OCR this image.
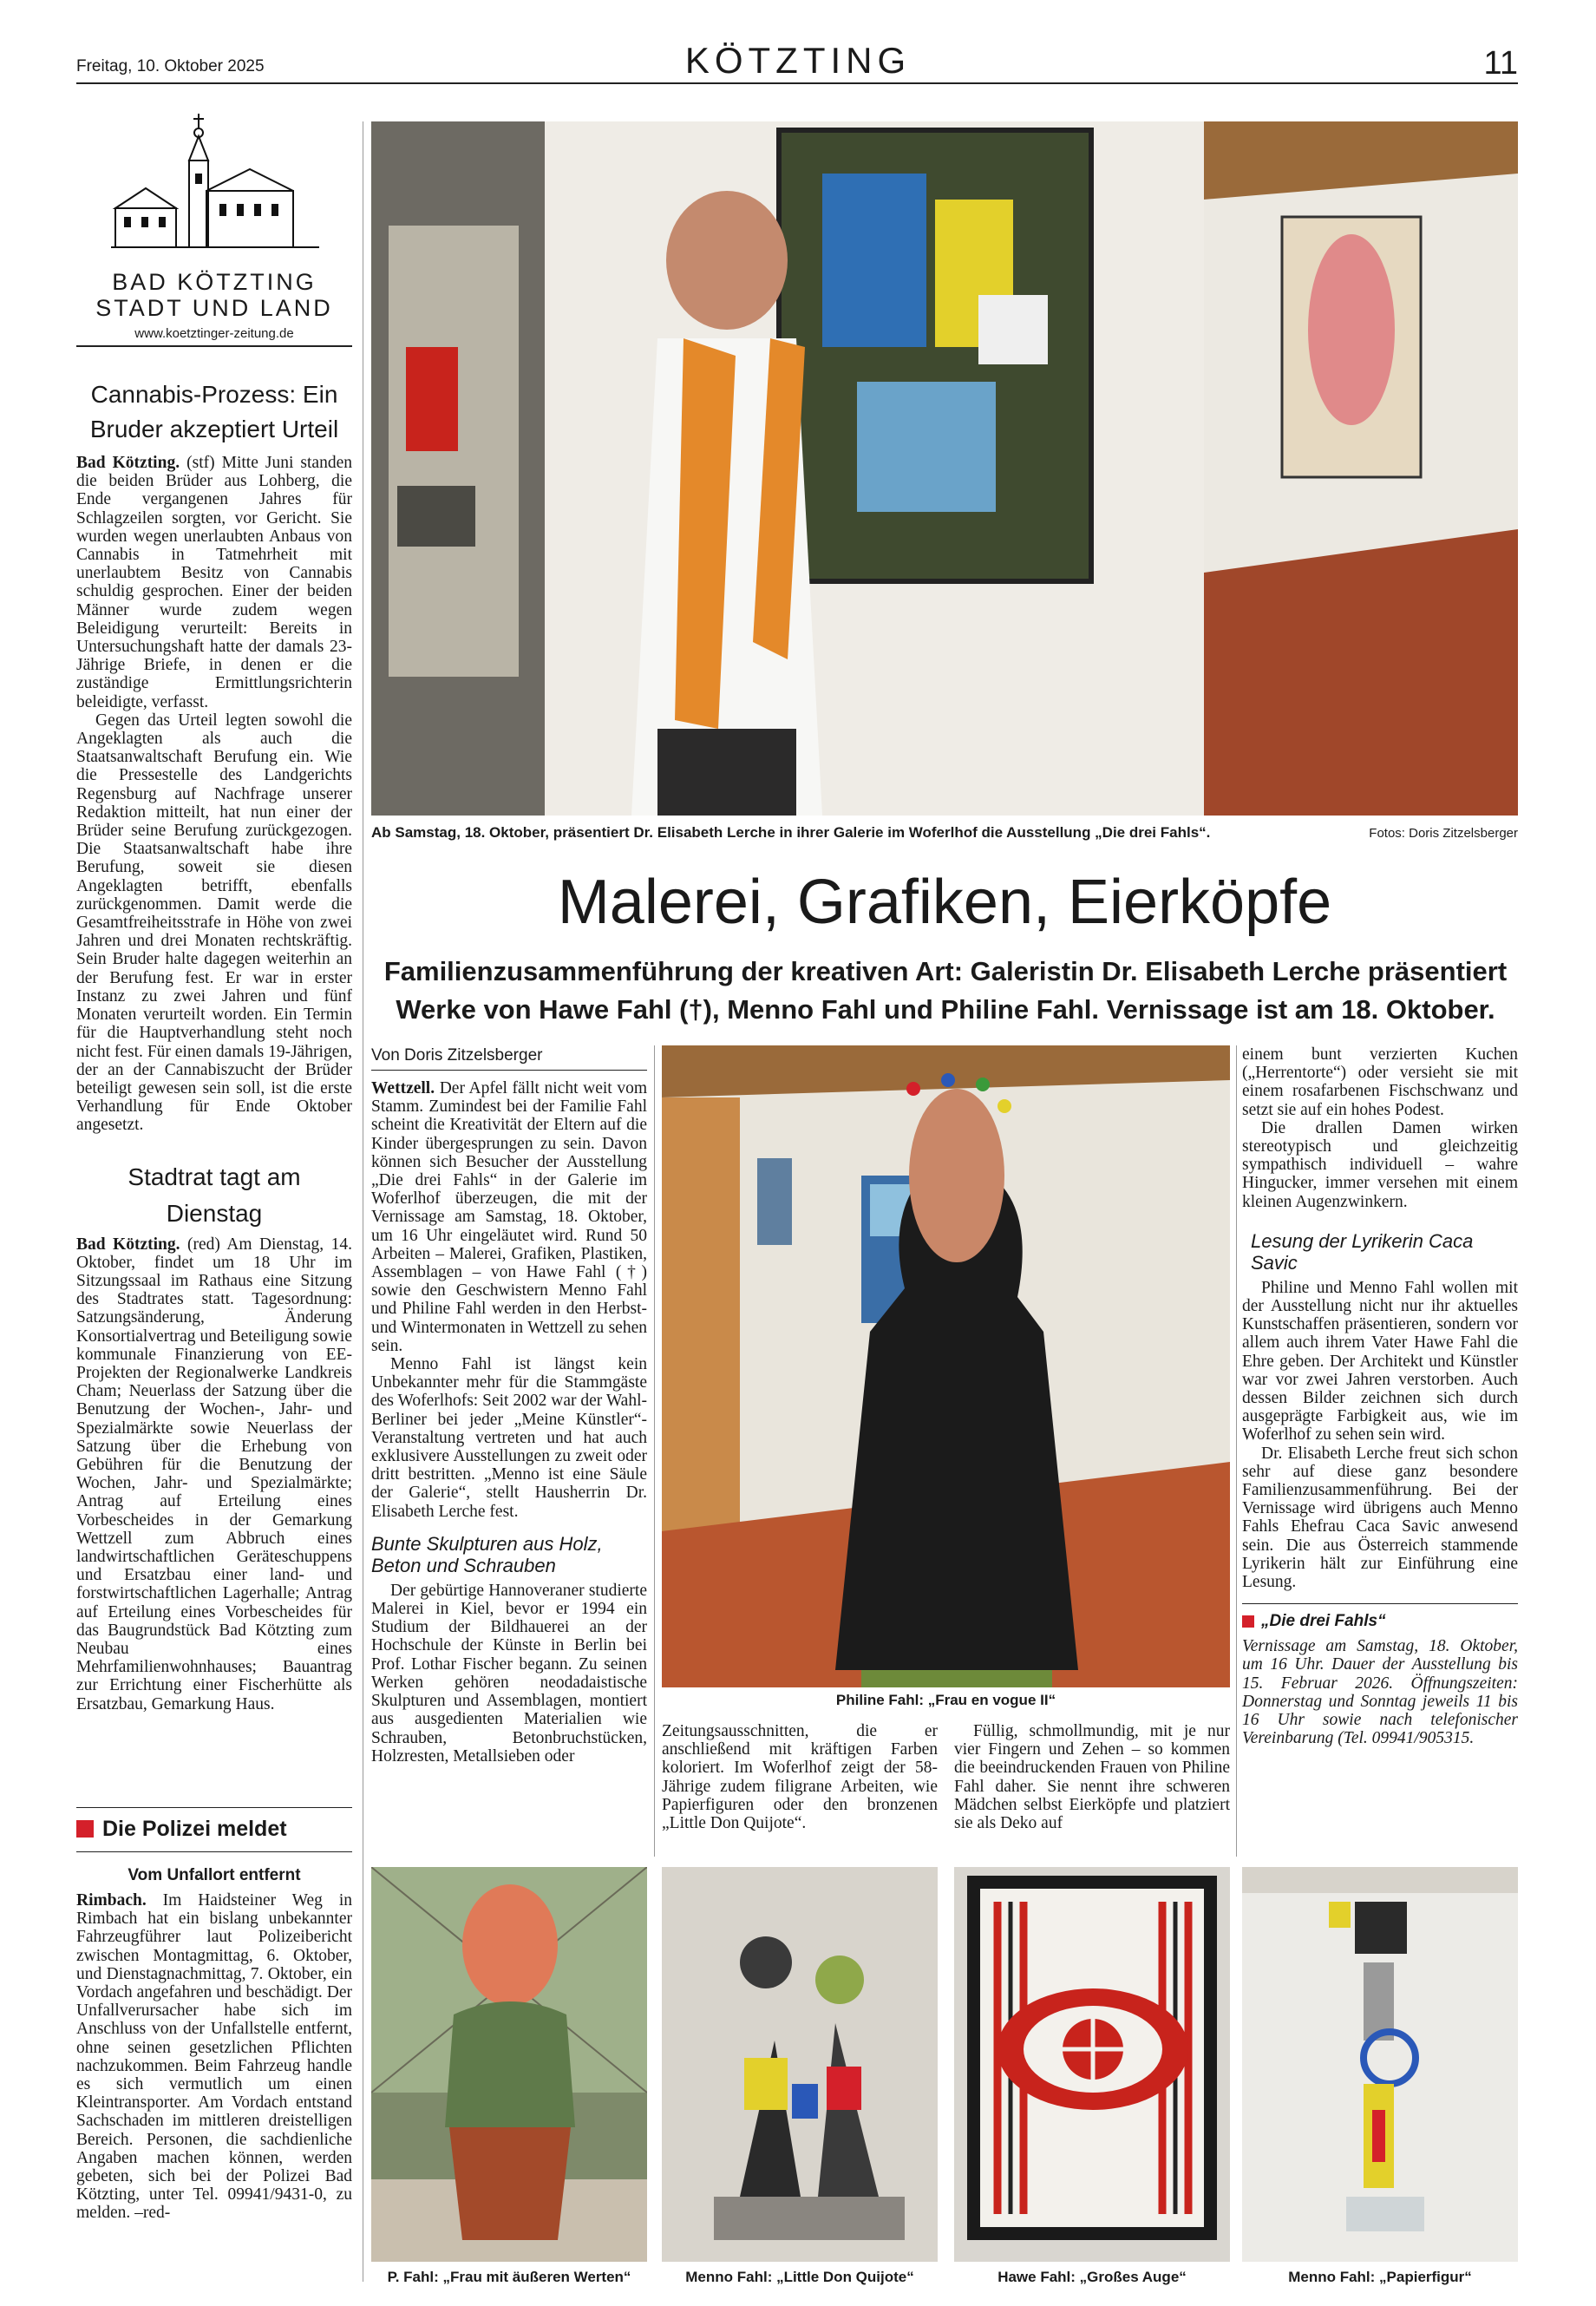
Freitag, 10. Oktober 2025	KÖTZTING	11
BAD KÖTZTING
STADT UND LAND
www.koetztinger-zeitung.de
Cannabis-Prozess: Ein Bruder akzeptiert Urteil

Bad Kötzting. (stf) Mitte Juni standen die beiden Brüder aus Lohberg, die Ende vergangenen Jahres für Schlagzeilen sorgten, vor Gericht. Sie wurden wegen unerlaubten Anbaus von Cannabis in Tatmehrheit mit unerlaubtem Besitz von Cannabis schuldig gesprochen. Einer der beiden Männer wurde zudem wegen Beleidigung verurteilt: Bereits in Untersuchungshaft hatte der damals 23-Jährige Briefe, in denen er die zuständige Ermittlungsrichterin beleidigte, verfasst.

Gegen das Urteil legten sowohl die Angeklagten als auch die Staatsanwaltschaft Berufung ein. Wie die Pressestelle des Landgerichts Regensburg auf Nachfrage unserer Redaktion mitteilt, hat nun einer der Brüder seine Berufung zurückgezogen. Die Staatsanwaltschaft habe ihre Berufung, soweit sie diesen Angeklagten betrifft, ebenfalls zurückgenommen. Damit werde die Gesamtfreiheitsstrafe in Höhe von zwei Jahren und drei Monaten rechtskräftig. Sein Bruder halte dagegen weiterhin an der Berufung fest. Er war in erster Instanz zu zwei Jahren und fünf Monaten verurteilt worden. Ein Termin für die Hauptverhandlung steht noch nicht fest. Für einen damals 19-Jährigen, der an der Cannabiszucht der Brüder beteiligt gewesen sein soll, ist die erste Verhandlung für Ende Oktober angesetzt.

Stadtrat tagt am Dienstag

Bad Kötzting. (red) Am Dienstag, 14. Oktober, findet um 18 Uhr im Sitzungssaal im Rathaus eine Sitzung des Stadtrates statt. Tagesordnung: Satzungsänderung, Änderung Konsortialvertrag und Beteiligung sowie kommunale Finanzierung von EE-Projekten der Regionalwerke Landkreis Cham; Neuerlass der Satzung über die Benutzung der Wochen-, Jahr- und Spezialmärkte sowie Neuerlass der Satzung über die Erhebung von Gebühren für die Benutzung der Wochen, Jahr- und Spezialmärkte; Antrag auf Erteilung eines Vorbescheides in der Gemarkung Wettzell zum Abbruch eines landwirtschaftlichen Geräteschuppens und Ersatzbau einer land- und forstwirtschaftlichen Lagerhalle; Antrag auf Erteilung eines Vorbescheides für das Baugrundstück Bad Kötzting zum Neubau eines Mehrfamilienwohnhauses; Bauantrag zur Errichtung einer Fischerhütte als Ersatzbau, Gemarkung Haus.

Die Polizei meldet
Vom Unfallort entfernt

Rimbach. Im Haidsteiner Weg in Rimbach hat ein bislang unbekannter Fahrzeugführer laut Polizeibericht zwischen Montagmittag, 6. Oktober, und Dienstagnachmittag, 7. Oktober, ein Vordach angefahren und beschädigt. Der Unfallverursacher habe sich im Anschluss von der Unfallstelle entfernt, ohne seinen gesetzlichen Pflichten nachzukommen. Beim Fahrzeug handle es sich vermutlich um einen Kleintransporter. Am Vordach entstand Sachschaden im mittleren dreistelligen Bereich. Personen, die sachdienliche Angaben machen können, werden gebeten, sich bei der Polizei Bad Kötzting, unter Tel. 09941/9431-0, zu melden. –red-

Ab Samstag, 18. Oktober, präsentiert Dr. Elisabeth Lerche in ihrer Galerie im Woferlhof die Ausstellung „Die drei Fahls“.	Fotos: Doris Zitzelsberger
Malerei, Grafiken, Eierköpfe
Familienzusammenführung der kreativen Art: Galeristin Dr. Elisabeth Lerche präsentiert Werke von Hawe Fahl (†), Menno Fahl und Philine Fahl. Vernissage ist am 18. Oktober.
Von Doris Zitzelsberger

Wettzell. Der Apfel fällt nicht weit vom Stamm. Zumindest bei der Familie Fahl scheint die Kreativität der Eltern auf die Kinder übergesprungen zu sein. Davon können sich Besucher der Ausstellung „Die drei Fahls“ in der Galerie im Woferlhof überzeugen, die mit der Vernissage am Samstag, 18. Oktober, um 16 Uhr eingeläutet wird. Rund 50 Arbeiten – Malerei, Grafiken, Plastiken, Assemblagen – von Hawe Fahl (†) sowie den Geschwistern Menno Fahl und Philine Fahl werden in den Herbst- und Wintermonaten in Wettzell zu sehen sein.

Menno Fahl ist längst kein Unbekannter mehr für die Stammgäste des Woferlhofs: Seit 2002 war der Wahl-Berliner bei jeder „Meine Künstler“-Veranstaltung vertreten und hat auch exklusivere Ausstellungen zu zweit oder dritt bestritten. „Menno ist eine Säule der Galerie“, stellt Hausherrin Dr. Elisabeth Lerche fest.

Bunte Skulpturen aus Holz, Beton und Schrauben

Der gebürtige Hannoveraner studierte Malerei in Kiel, bevor er 1994 ein Studium der Bildhauerei an der Hochschule der Künste in Berlin bei Prof. Lothar Fischer begann. Zu seinen Werken gehören neodadaistische Skulpturen und Assemblagen, montiert aus ausgedienten Materialien wie Schrauben, Betonbruchstücken, Holzresten, Metallsieben oder

Philine Fahl: „Frau en vogue II“

Zeitungsausschnitten, die er anschließend mit kräftigen Farben koloriert. Im Woferlhof zeigt der 58-Jährige zudem filigrane Arbeiten, wie Papierfiguren oder den bronzenen „Little Don Quijote“.

Füllig, schmollmundig, mit je nur vier Fingern und Zehen – so kommen die beeindruckenden Frauen von Philine Fahl daher. Sie nennt ihre schweren Mädchen selbst Eierköpfe und platziert sie als Deko auf

einem bunt verzierten Kuchen („Herrentorte“) oder versieht sie mit einem rosafarbenen Fischschwanz und setzt sie auf ein hohes Podest.

Die drallen Damen wirken stereotypisch und gleichzeitig sympathisch individuell – wahre Hingucker, immer versehen mit einem kleinen Augenzwinkern.

Lesung der Lyrikerin Caca Savic

Philine und Menno Fahl wollen mit der Ausstellung nicht nur ihr aktuelles Kunstschaffen präsentieren, sondern vor allem auch ihrem Vater Hawe Fahl die Ehre geben. Der Architekt und Künstler war vor zwei Jahren verstorben. Auch dessen Bilder zeichnen sich durch ausgeprägte Farbigkeit aus, wie im Woferlhof zu sehen sein wird.

Dr. Elisabeth Lerche freut sich schon sehr auf diese ganz besondere Familienzusammenführung. Bei der Vernissage wird übrigens auch Menno Fahls Ehefrau Caca Savic anwesend sein. Die aus Österreich stammende Lyrikerin hält zur Einführung eine Lesung.

„Die drei Fahls“
Vernissage am Samstag, 18. Oktober, um 16 Uhr. Dauer der Ausstellung bis 15. Februar 2026. Öffnungszeiten: Donnerstag und Sonntag jeweils 11 bis 16 Uhr sowie nach telefonischer Vereinbarung (Tel. 09941/905315.
P. Fahl: „Frau mit äußeren Werten“	Menno Fahl: „Little Don Quijote“	Hawe Fahl: „Großes Auge“	Menno Fahl: „Papierfigur“
